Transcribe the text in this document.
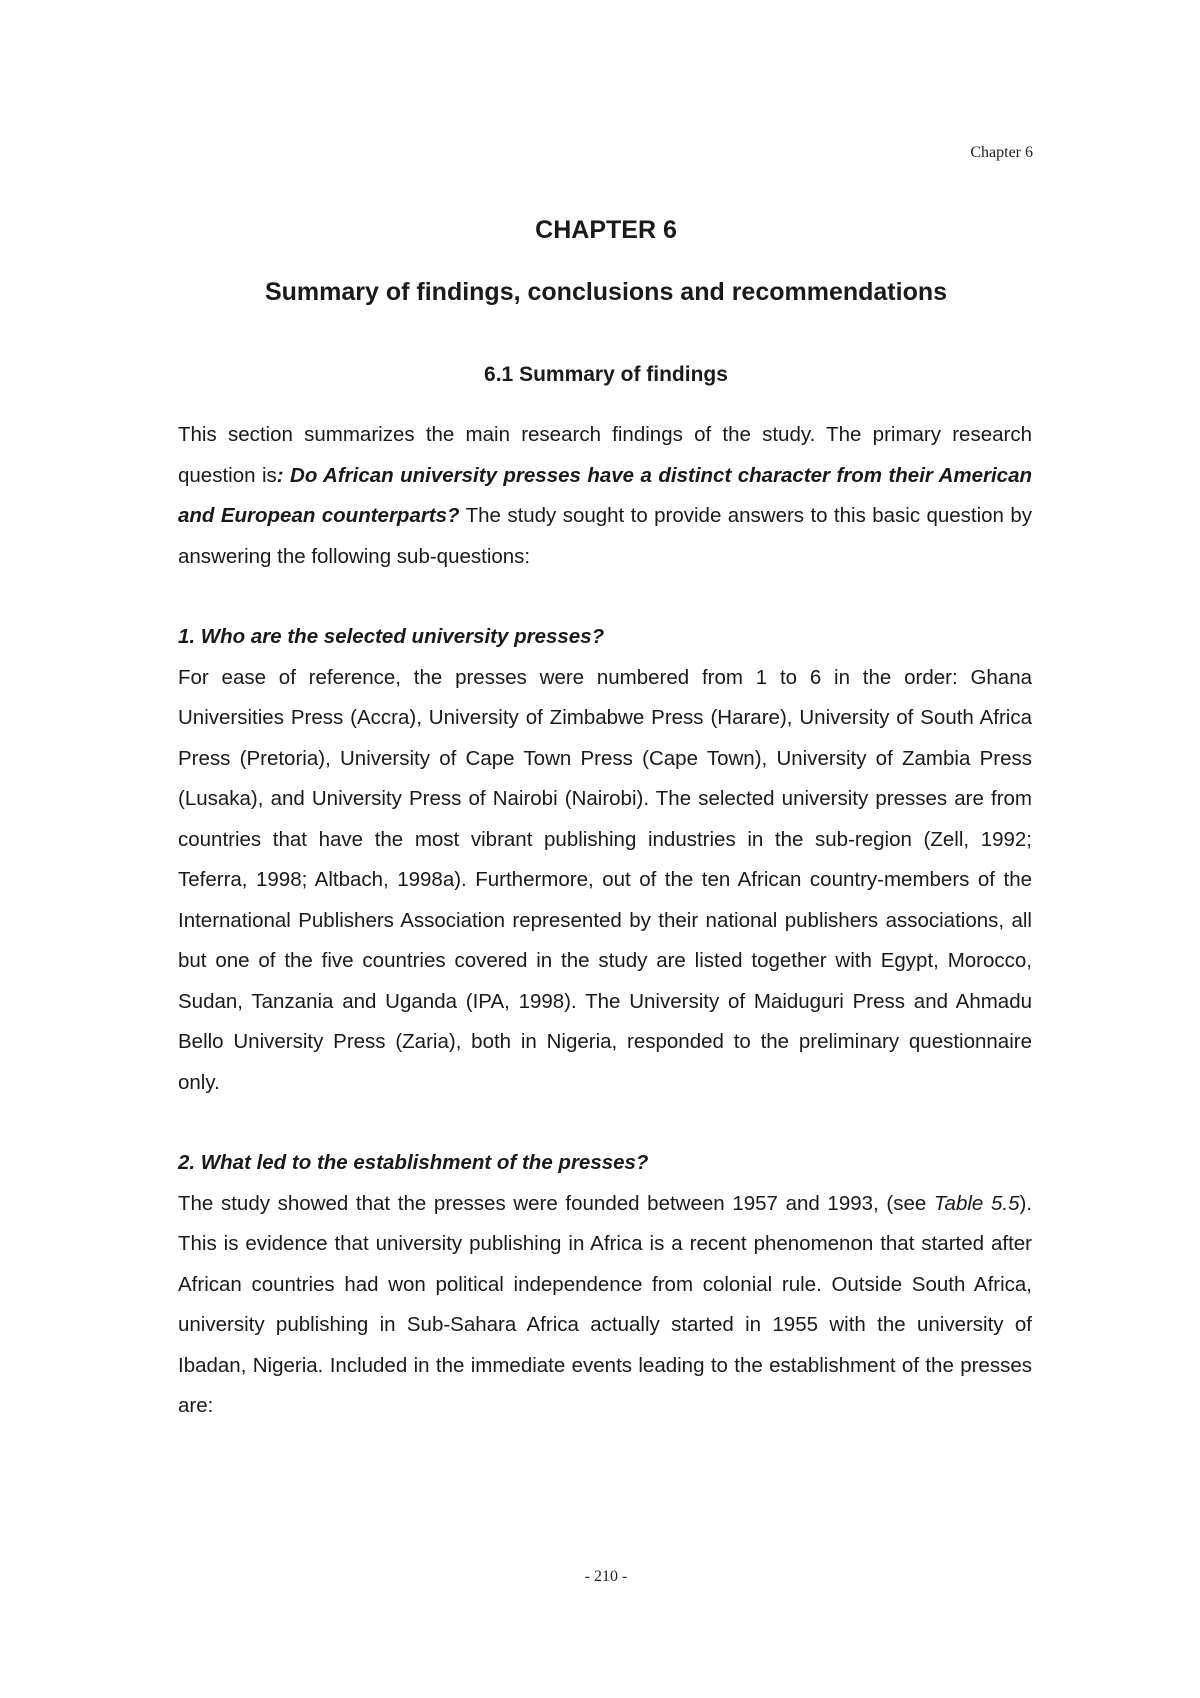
Chapter 6
CHAPTER 6
Summary of findings, conclusions and recommendations
6.1 Summary of findings

This section summarizes the main research findings of the study. The primary research question is: Do African university presses have a distinct character from their American and European counterparts? The study sought to provide answers to this basic question by answering the following sub-questions:

1. Who are the selected university presses?

For ease of reference, the presses were numbered from 1 to 6 in the order: Ghana Universities Press (Accra), University of Zimbabwe Press (Harare), University of South Africa Press (Pretoria), University of Cape Town Press (Cape Town), University of Zambia Press (Lusaka), and University Press of Nairobi (Nairobi). The selected university presses are from countries that have the most vibrant publishing industries in the sub-region (Zell, 1992; Teferra, 1998; Altbach, 1998a). Furthermore, out of the ten African country-members of the International Publishers Association represented by their national publishers associations, all but one of the five countries covered in the study are listed together with Egypt, Morocco, Sudan, Tanzania and Uganda (IPA, 1998). The University of Maiduguri Press and Ahmadu Bello University Press (Zaria), both in Nigeria, responded to the preliminary questionnaire only.

2. What led to the establishment of the presses?

The study showed that the presses were founded between 1957 and 1993, (see Table 5.5). This is evidence that university publishing in Africa is a recent phenomenon that started after African countries had won political independence from colonial rule. Outside South Africa, university publishing in Sub-Sahara Africa actually started in 1955 with the university of Ibadan, Nigeria. Included in the immediate events leading to the establishment of the presses are:

- 210 -
